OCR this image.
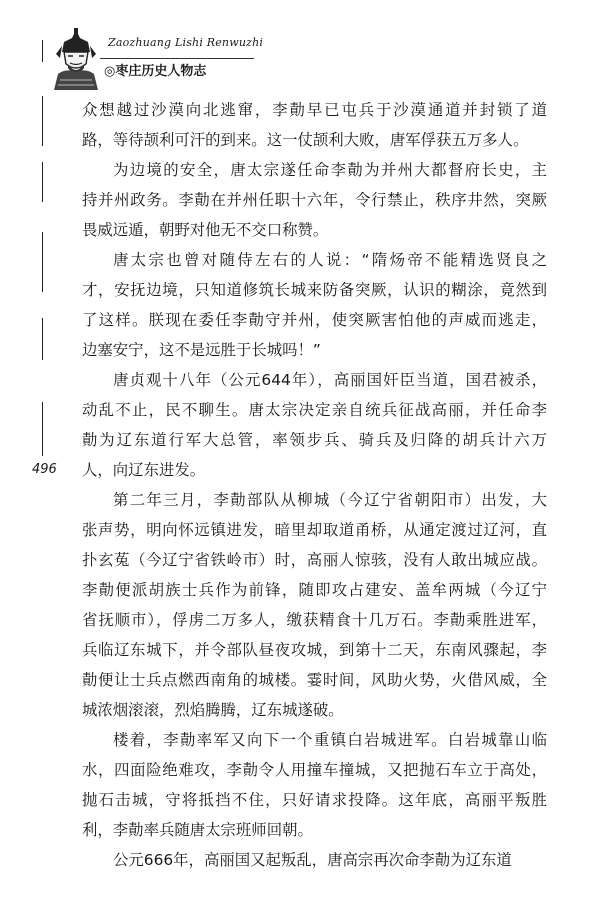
Zaozhuang Lishi Renwuzhi
◎枣庄历史人物志
496
众想越过沙漠向北逃窜，李勣早已屯兵于沙漠通道并封锁了道
路，等待颉利可汗的到来。这一仗颉利大败，唐军俘获五万多人。
为边境的安全，唐太宗遂任命李勣为并州大都督府长史，主
持并州政务。李勣在并州任职十六年，令行禁止，秩序井然，突厥
畏威远遁，朝野对他无不交口称赞。
唐太宗也曾对随侍左右的人说：“隋炀帝不能精选贤良之
才，安抚边境，只知道修筑长城来防备突厥，认识的糊涂，竟然到
了这样。朕现在委任李勣守并州，使突厥害怕他的声威而逃走，
边塞安宁，这不是远胜于长城吗！”
唐贞观十八年（公元644年），高丽国奸臣当道，国君被杀，
动乱不止，民不聊生。唐太宗决定亲自统兵征战高丽，并任命李
勣为辽东道行军大总管，率领步兵、骑兵及归降的胡兵计六万
人，向辽东进发。
第二年三月，李勣部队从柳城（今辽宁省朝阳市）出发，大
张声势，明向怀远镇进发，暗里却取道甬桥，从通定渡过辽河，直
扑玄菟（今辽宁省铁岭市）时，高丽人惊骇，没有人敢出城应战。
李勣便派胡族士兵作为前锋，随即攻占建安、盖牟两城（今辽宁
省抚顺市），俘虏二万多人，缴获精食十几万石。李勣乘胜进军，
兵临辽东城下，并令部队昼夜攻城，到第十二天，东南风骤起，李
勣便让士兵点燃西南角的城楼。霎时间，风助火势，火借风威，全
城浓烟滚滚，烈焰腾腾，辽东城遂破。
楼着，李勣率军又向下一个重镇白岩城进军。白岩城靠山临
水，四面险绝难攻，李勣令人用撞车撞城，又把抛石车立于高处，
抛石击城，守将抵挡不住，只好请求投降。这年底，高丽平叛胜
利，李勣率兵随唐太宗班师回朝。
公元666年，高丽国又起叛乱，唐高宗再次命李勣为辽东道
